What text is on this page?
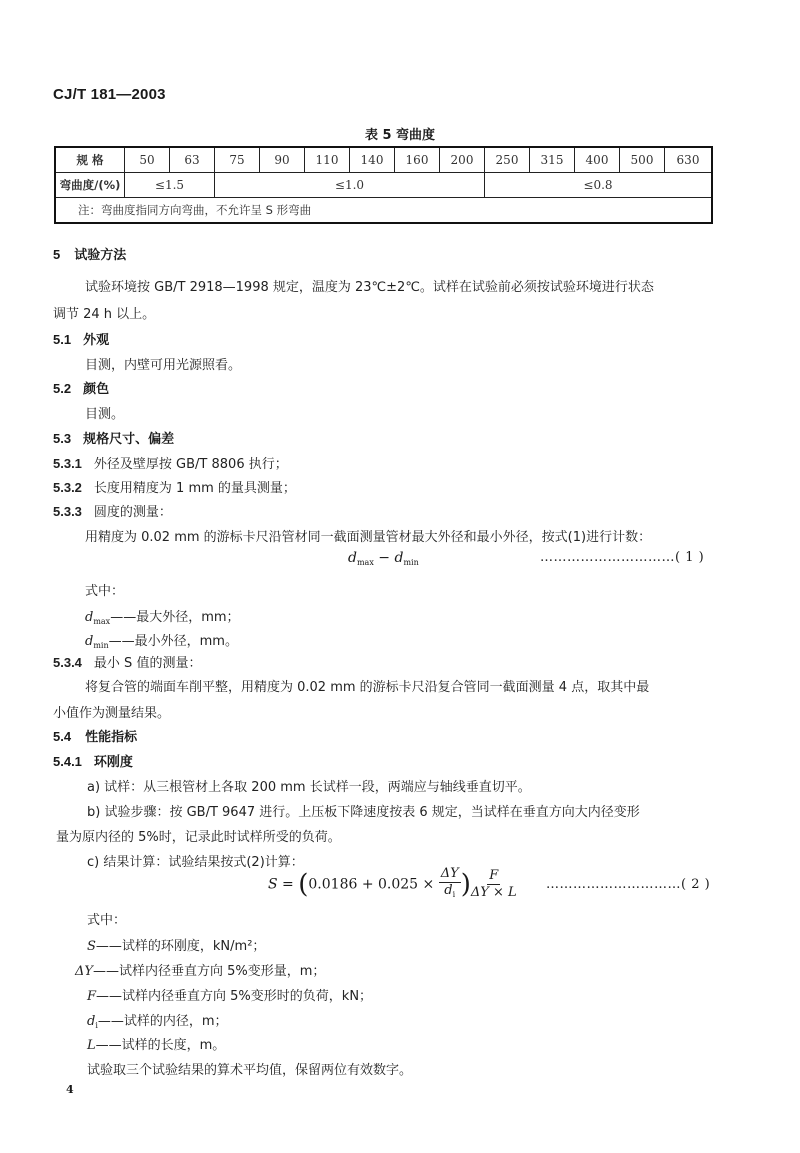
CJ/T 181—2003
表 5 弯曲度
规 格	50	63	75	90	110	140	160	200	250	315	400	500	630
弯曲度/(%)	≤1.5		≤1.0						≤0.8				
注：弯曲度指同方向弯曲，不允许呈 S 形弯曲													
5 试验方法
试验环境按 GB/T 2918—1998 规定，温度为 23℃±2℃。试样在试验前必须按试验环境进行状态
调节 24 h 以上。
5.1 外观
目测，内壁可用光源照看。
5.2 颜色
目测。
5.3 规格尺寸、偏差
5.3.1 外径及壁厚按 GB/T 8806 执行；
5.3.2 长度用精度为 1 mm 的量具测量；
5.3.3 圆度的测量：
用精度为 0.02 mm 的游标卡尺沿管材同一截面测量管材最大外径和最小外径，按式(1)进行计数：
$d_{max} - d_{min}$	…………………………( 1 )
式中：
$d_{max}——$最大外径，mm；
$d_{min}——$最小外径，mm。
5.3.4 最小 S 值的测量：
将复合管的端面车削平整，用精度为 0.02 mm 的游标卡尺沿复合管同一截面测量 4 点，取其中最
小值作为测量结果。
5.4 性能指标
5.4.1 环刚度
a) 试样：从三根管材上各取 200 mm 长试样一段，两端应与轴线垂直切平。
b) 试验步骤：按 GB/T 9647 进行。上压板下降速度按表 6 规定，当试样在垂直方向大内径变形
量为原内径的 5%时，记录此时试样所受的负荷。
c) 结果计算：试验结果按式(2)计算：
$S = (0.0186 + 0.025 \times \frac{\Delta Y}{d_i}$ ) $\frac{F}{\Delta Y \times L}$ …………………………( 2 )
式中：
S——试样的环刚度，kN/m²；
ΔY——试样内径垂直方向 5%变形量，m；
F——试样内径垂直方向 5%变形时的负荷，kN；
$d_i——$试样的内径，m；
L——试样的长度，m。
试验取三个试验结果的算术平均值，保留两位有效数字。
4
